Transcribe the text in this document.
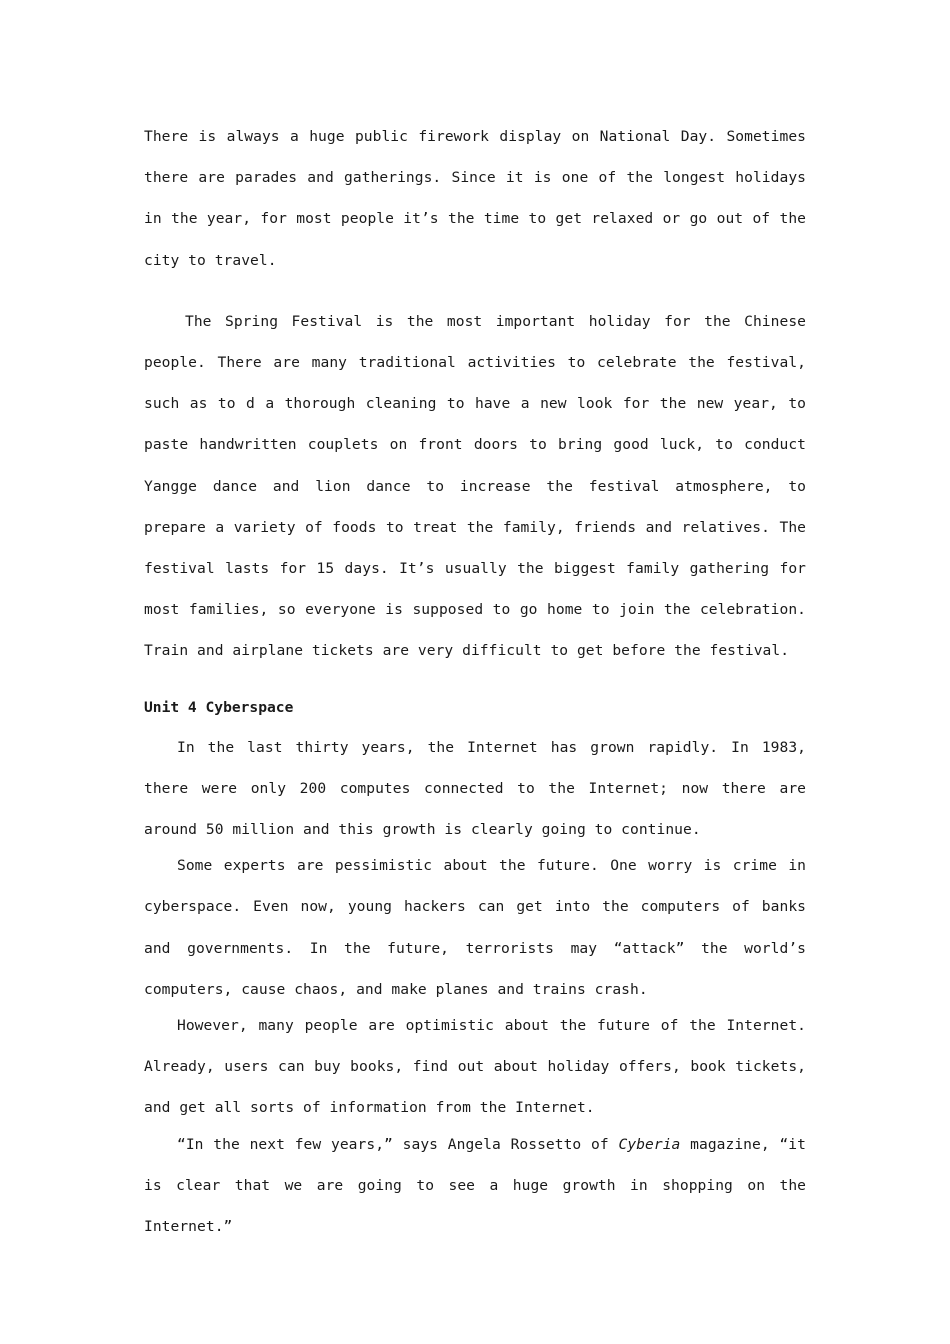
There is always a huge public firework display on National Day. Sometimes there are parades and gatherings. Since it is one of the longest holidays in the year, for most people it’s the time to get relaxed or go out of the city to travel.

The Spring Festival is the most important holiday for the Chinese people. There are many traditional activities to celebrate the festival, such as to d a thorough cleaning to have a new look for the new year, to paste handwritten couplets on front doors to bring good luck, to conduct Yangge dance and lion dance to increase the festival atmosphere, to prepare a variety of foods to treat the family, friends and relatives. The festival lasts for 15 days. It’s usually the biggest family gathering for most families, so everyone is supposed to go home to join the celebration. Train and airplane tickets are very difficult to get before the festival.

Unit 4 Cyberspace

In the last thirty years, the Internet has grown rapidly. In 1983, there were only 200 computes connected to the Internet; now there are around 50 million and this growth is clearly going to continue.

Some experts are pessimistic about the future. One worry is crime in cyberspace. Even now, young hackers can get into the computers of banks and governments. In the future, terrorists may “attack” the world’s computers, cause chaos, and make planes and trains crash.

However, many people are optimistic about the future of the Internet. Already, users can buy books, find out about holiday offers, book tickets, and get all sorts of information from the Internet.

“In the next few years,” says Angela Rossetto of Cyberia magazine, “it is clear that we are going to see a huge growth in shopping on the Internet.”
